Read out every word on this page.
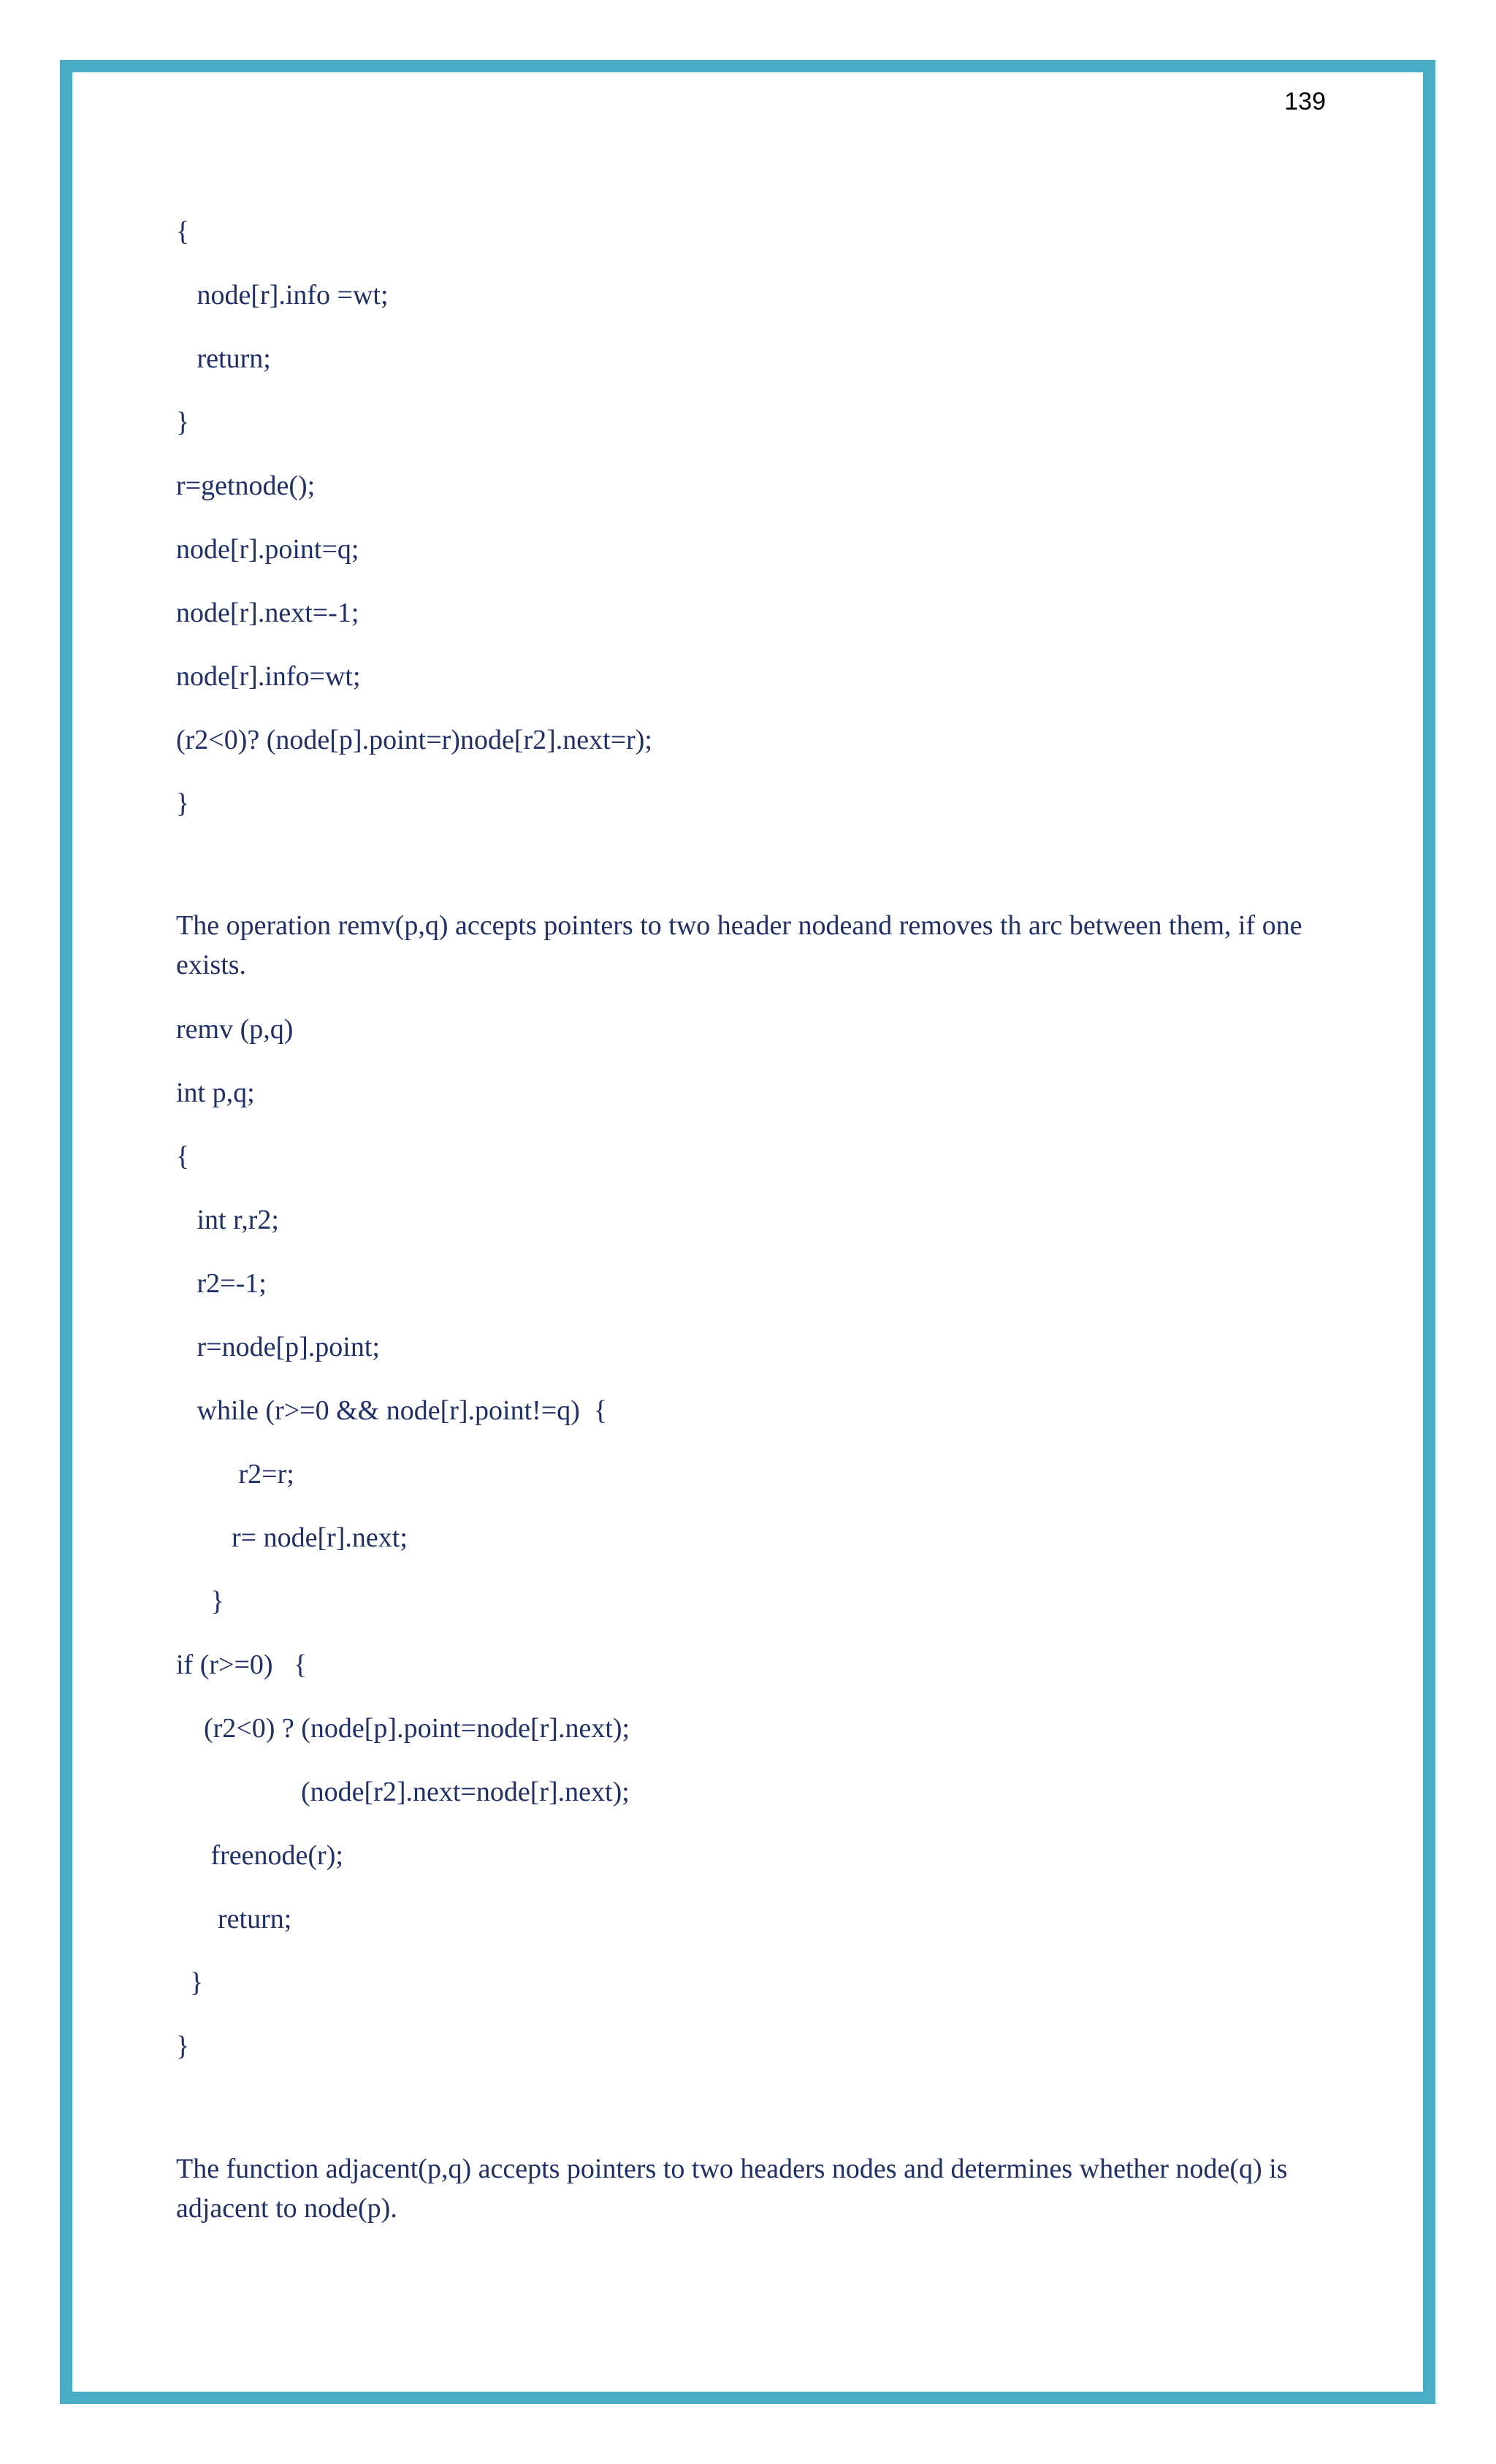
139
{
node[r].info =wt;
return;
}
r=getnode();
node[r].point=q;
node[r].next=-1;
node[r].info=wt;
(r2<0)? (node[p].point=r)node[r2].next=r);
}
The operation remv(p,q) accepts pointers to two header nodeand removes th arc between them, if one exists.
remv (p,q)
int p,q;
{
int r,r2;
r2=-1;
r=node[p].point;
while (r>=0 && node[r].point!=q)  {
r2=r;
r= node[r].next;
}
if (r>=0)   {
(r2<0) ? (node[p].point=node[r].next);
(node[r2].next=node[r].next);
freenode(r);
return;
}
}
The function adjacent(p,q) accepts pointers to two headers nodes and determines whether node(q) is adjacent to node(p).
